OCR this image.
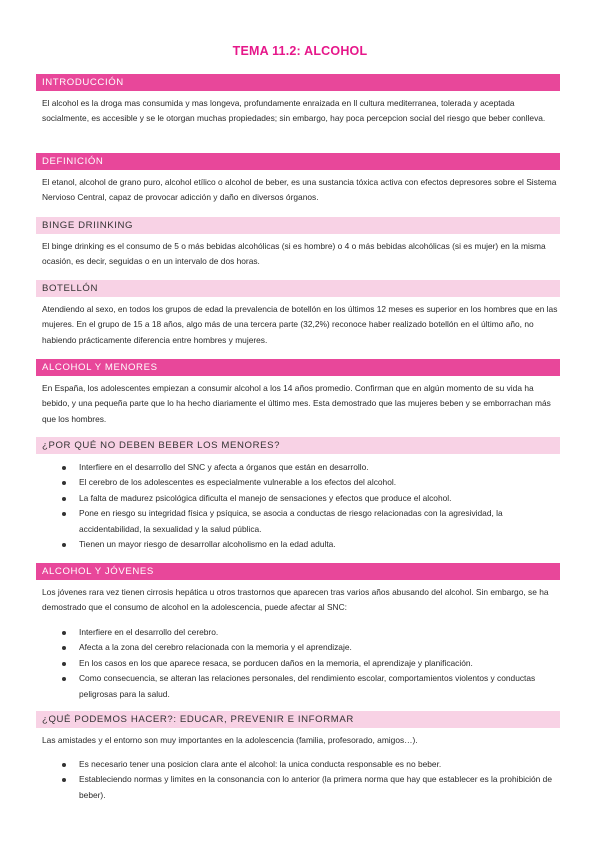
TEMA 11.2: ALCOHOL
INTRODUCCIÓN
El alcohol es la droga mas consumida y mas longeva, profundamente enraizada en ll cultura mediterranea, tolerada y aceptada socialmente, es accesible y se le otorgan muchas propiedades; sin embargo, hay poca percepcion social del riesgo que beber conlleva.
DEFINICIÓN
El etanol, alcohol de grano puro, alcohol etílico o alcohol de beber, es una sustancia tóxica activa con efectos depresores sobre el Sistema Nervioso Central, capaz de provocar adicción y daño en diversos órganos.
BINGE DRIINKING
El binge drinking es el consumo de 5 o más bebidas alcohólicas (si es hombre) o 4 o más bebidas alcohólicas (si es mujer) en la misma ocasión, es decir, seguidas o en un intervalo de dos horas.
BOTELLÓN
Atendiendo al sexo, en todos los grupos de edad la prevalencia de botellón en los últimos 12 meses es superior en los hombres que en las mujeres. En el grupo de 15 a 18 años, algo más de una tercera parte (32,2%) reconoce haber realizado botellón en el último año, no habiendo prácticamente diferencia entre hombres y mujeres.
ALCOHOL Y MENORES
En España, los adolescentes empiezan a consumir alcohol a los 14 años promedio. Confirman que en algún momento de su vida ha bebido, y una pequeña parte que lo ha hecho diariamente el último mes. Esta demostrado que las mujeres beben y se emborrachan más que los hombres.
¿POR QUÉ NO DEBEN BEBER LOS MENORES?
Interfiere en el desarrollo del SNC y afecta a órganos que están en desarrollo.
El cerebro de los adolescentes es especialmente vulnerable a los efectos del alcohol.
La falta de madurez psicológica dificulta el manejo de sensaciones y efectos que produce el alcohol.
Pone en riesgo su integridad física y psíquica, se asocia a conductas de riesgo relacionadas con la agresividad, la accidentabilidad, la sexualidad y la salud pública.
Tienen un mayor riesgo de desarrollar alcoholismo en la edad adulta.
ALCOHOL Y JÓVENES
Los jóvenes rara vez tienen cirrosis hepática u otros trastornos que aparecen tras varios años abusando del alcohol. Sin embargo, se ha demostrado que el consumo de alcohol en la adolescencia, puede afectar al SNC:
Interfiere en el desarrollo del cerebro.
Afecta a la zona del cerebro relacionada con la memoria y el aprendizaje.
En los casos en los que aparece resaca, se porducen daños en la memoria, el aprendizaje y planificación.
Como consecuencia, se alteran las relaciones personales, del rendimiento escolar, comportamientos violentos y conductas peligrosas para la salud.
¿QUÉ PODEMOS HACER?: EDUCAR, PREVENIR E INFORMAR
Las amistades y el entorno son muy importantes en la adolescencia (familia, profesorado, amigos…).
Es necesario tener una posicion clara ante el alcohol: la unica conducta responsable es no beber.
Estableciendo normas y limites en la consonancia con lo anterior (la primera norma que hay que establecer es la prohibición de beber).
